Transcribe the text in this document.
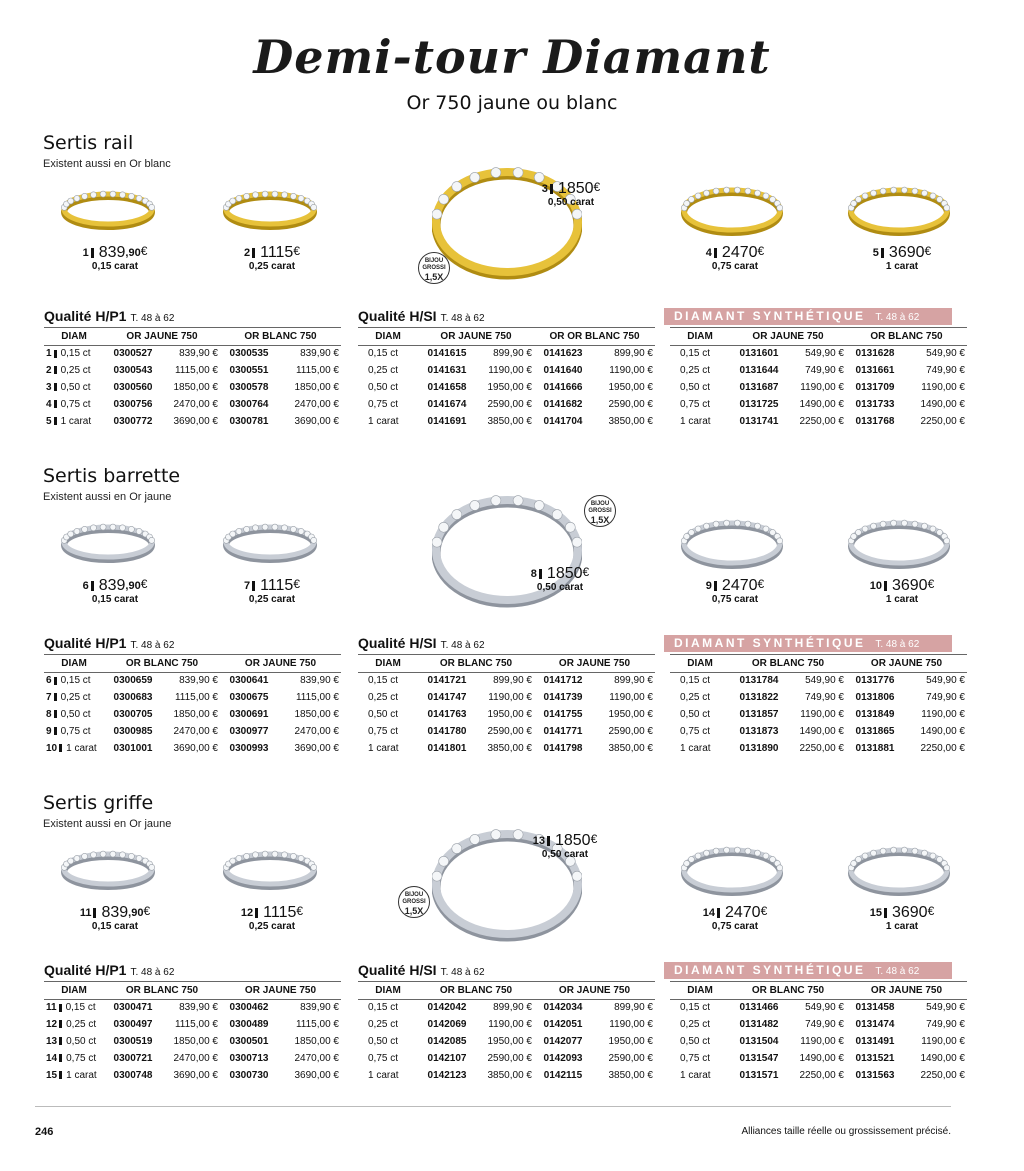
Demi-tour Diamant
Or 750 jaune ou blanc
Sertis rail
Existent aussi en Or blanc
1 839,90€
0,15 carat
2 1115€
0,25 carat
3 1850€
0,50 carat
4 2470€
0,75 carat
5 3690€
1 carat
BIJOU
GROSSI
1,5X
Qualité H/P1 T. 48 à 62
DIAM	OR JAUNE 750		OR BLANC 750	
1 0,15 ct	0300527	839,90 €	0300535	839,90 €
2 0,25 ct	0300543	1115,00 €	0300551	1115,00 €
3 0,50 ct	0300560	1850,00 €	0300578	1850,00 €
4 0,75 ct	0300756	2470,00 €	0300764	2470,00 €
5 1 carat	0300772	3690,00 €	0300781	3690,00 €
Qualité H/SI T. 48 à 62
DIAM	OR JAUNE 750		OR OR BLANC 750	
0,15 ct	0141615	899,90 €	0141623	899,90 €
0,25 ct	0141631	1190,00 €	0141640	1190,00 €
0,50 ct	0141658	1950,00 €	0141666	1950,00 €
0,75 ct	0141674	2590,00 €	0141682	2590,00 €
1 carat	0141691	3850,00 €	0141704	3850,00 €
DIAMANT SYNTHÉTIQUE T. 48 à 62
DIAM	OR JAUNE 750		OR BLANC 750	
0,15 ct	0131601	549,90 €	0131628	549,90 €
0,25 ct	0131644	749,90 €	0131661	749,90 €
0,50 ct	0131687	1190,00 €	0131709	1190,00 €
0,75 ct	0131725	1490,00 €	0131733	1490,00 €
1 carat	0131741	2250,00 €	0131768	2250,00 €
Sertis barrette
Existent aussi en Or jaune
6 839,90€
0,15 carat
7 1115€
0,25 carat
8 1850€
0,50 carat	9 2470€
0,75 carat
10 3690€
1 carat
BIJOU
GROSSI
1,5X
Qualité H/P1 T. 48 à 62
DIAM	OR BLANC 750		OR JAUNE 750	
6 0,15 ct	0300659	839,90 €	0300641	839,90 €
7 0,25 ct	0300683	1115,00 €	0300675	1115,00 €
8 0,50 ct	0300705	1850,00 €	0300691	1850,00 €
9 0,75 ct	0300985	2470,00 €	0300977	2470,00 €
10 1 carat	0301001	3690,00 €	0300993	3690,00 €
Qualité H/SI T. 48 à 62
DIAM	OR BLANC 750		OR JAUNE 750	
0,15 ct	0141721	899,90 €	0141712	899,90 €
0,25 ct	0141747	1190,00 €	0141739	1190,00 €
0,50 ct	0141763	1950,00 €	0141755	1950,00 €
0,75 ct	0141780	2590,00 €	0141771	2590,00 €
1 carat	0141801	3850,00 €	0141798	3850,00 €
DIAMANT SYNTHÉTIQUE T. 48 à 62
DIAM	OR BLANC 750		OR JAUNE 750	
0,15 ct	0131784	549,90 €	0131776	549,90 €
0,25 ct	0131822	749,90 €	0131806	749,90 €
0,50 ct	0131857	1190,00 €	0131849	1190,00 €
0,75 ct	0131873	1490,00 €	0131865	1490,00 €
1 carat	0131890	2250,00 €	0131881	2250,00 €
Sertis griffe
Existent aussi en Or jaune
11 839,90€
0,15 carat
12 1115€
0,25 carat
13 1850€
0,50 carat
14 2470€
0,75 carat
15 3690€
1 carat
BIJOU
GROSSI
1,5X
Qualité H/P1 T. 48 à 62
DIAM	OR BLANC 750		OR JAUNE 750	
11 0,15 ct	0300471	839,90 €	0300462	839,90 €
12 0,25 ct	0300497	1115,00 €	0300489	1115,00 €
13 0,50 ct	0300519	1850,00 €	0300501	1850,00 €
14 0,75 ct	0300721	2470,00 €	0300713	2470,00 €
15 1 carat	0300748	3690,00 €	0300730	3690,00 €
Qualité H/SI T. 48 à 62
DIAM	OR BLANC 750		OR JAUNE 750	
0,15 ct	0142042	899,90 €	0142034	899,90 €
0,25 ct	0142069	1190,00 €	0142051	1190,00 €
0,50 ct	0142085	1950,00 €	0142077	1950,00 €
0,75 ct	0142107	2590,00 €	0142093	2590,00 €
1 carat	0142123	3850,00 €	0142115	3850,00 €
DIAMANT SYNTHÉTIQUE T. 48 à 62
DIAM	OR BLANC 750		OR JAUNE 750	
0,15 ct	0131466	549,90 €	0131458	549,90 €
0,25 ct	0131482	749,90 €	0131474	749,90 €
0,50 ct	0131504	1190,00 €	0131491	1190,00 €
0,75 ct	0131547	1490,00 €	0131521	1490,00 €
1 carat	0131571	2250,00 €	0131563	2250,00 €
246	Alliances taille réelle ou grossissement précisé.
